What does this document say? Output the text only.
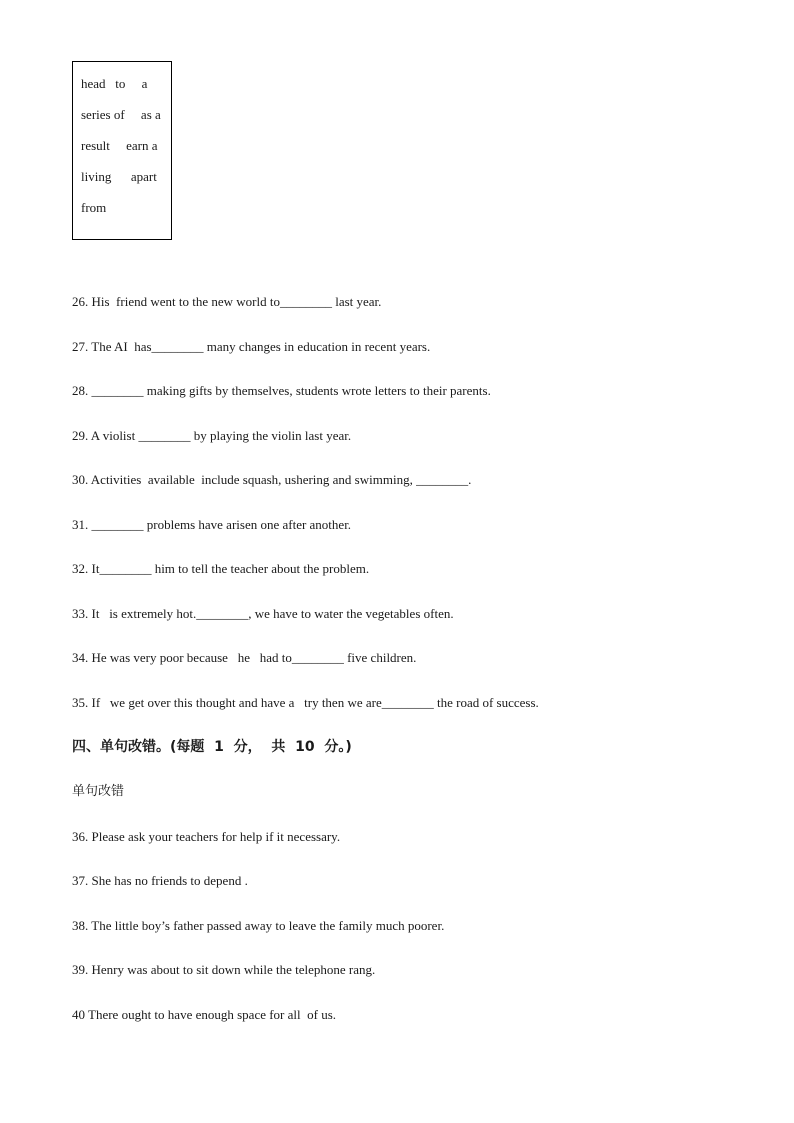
head   to     a
series of     as a
result     earn a
living      apart
from
26. His  friend went to the new world to________ last year.
27. The AI  has________ many changes in education in recent years.
28. ________ making gifts by themselves, students wrote letters to their parents.
29. A violist ________ by playing the violin last year.
30. Activities  available  include squash, ushering and swimming, ________.
31. ________ problems have arisen one after another.
32. It________ him to tell the teacher about the problem.
33. It   is extremely hot.________, we have to water the vegetables often.
34. He was very poor because   he   had to________ five children.
35. If   we get over this thought and have a   try then we are________ the road of success.
四、单句改错。(每题  1  分，  共  10  分。)
单句改错
36. Please ask your teachers for help if it necessary.
37. She has no friends to depend .
38. The little boy’s father passed away to leave the family much poorer.
39. Henry was about to sit down while the telephone rang.
40 There ought to have enough space for all  of us.
